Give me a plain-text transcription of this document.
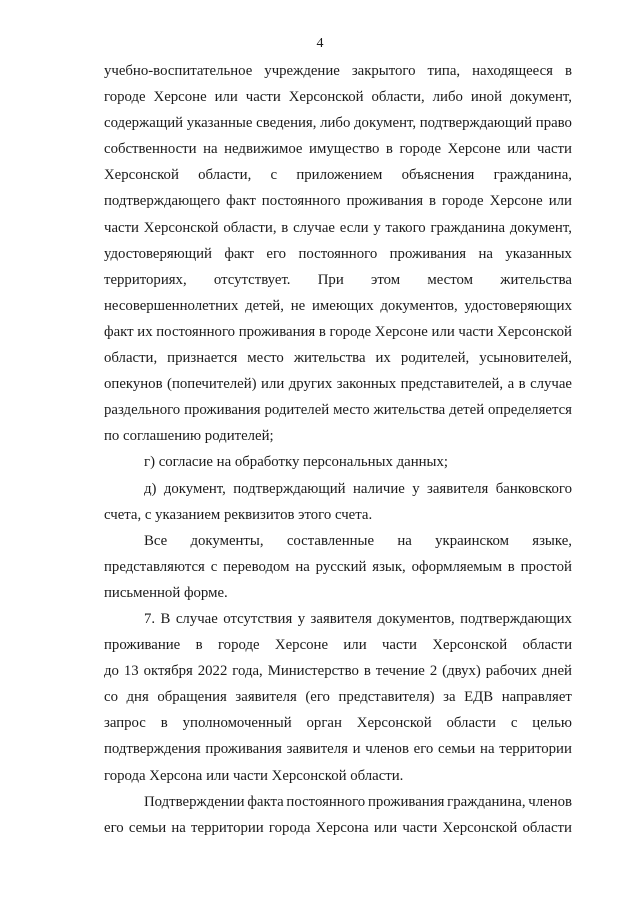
4
учебно-воспитательное учреждение закрытого типа, находящееся в
городе Херсоне или части Херсонской области, либо иной документ,
содержащий указанные сведения, либо документ, подтверждающий право
собственности на недвижимое имущество в городе Херсоне или части
Херсонской области, с приложением объяснения гражданина,
подтверждающего факт постоянного проживания в городе Херсоне или
части Херсонской области, в случае если у такого гражданина документ,
удостоверяющий факт его постоянного проживания на указанных
территориях, отсутствует. При этом местом жительства
несовершеннолетних детей, не имеющих документов, удостоверяющих
факт их постоянного проживания в городе Херсоне или части Херсонской
области, признается место жительства их родителей, усыновителей,
опекунов (попечителей) или других законных представителей, а в случае
раздельного проживания родителей место жительства детей определяется
по соглашению родителей;
г) согласие на обработку персональных данных;
д) документ, подтверждающий наличие у заявителя банковского
счета, с указанием реквизитов этого счета.
Все документы, составленные на украинском языке,
представляются с переводом на русский язык, оформляемым в простой
письменной форме.
7. В случае отсутствия у заявителя документов, подтверждающих
проживание в городе Херсоне или части Херсонской области
до 13 октября 2022 года, Министерство в течение 2 (двух) рабочих дней
со дня обращения заявителя (его представителя) за ЕДВ направляет
запрос в уполномоченный орган Херсонской области с целью
подтверждения проживания заявителя и членов его семьи на территории
города Херсона или части Херсонской области.
Подтверждении факта постоянного проживания гражданина, членов
его семьи на территории города Херсона или части Херсонской области
